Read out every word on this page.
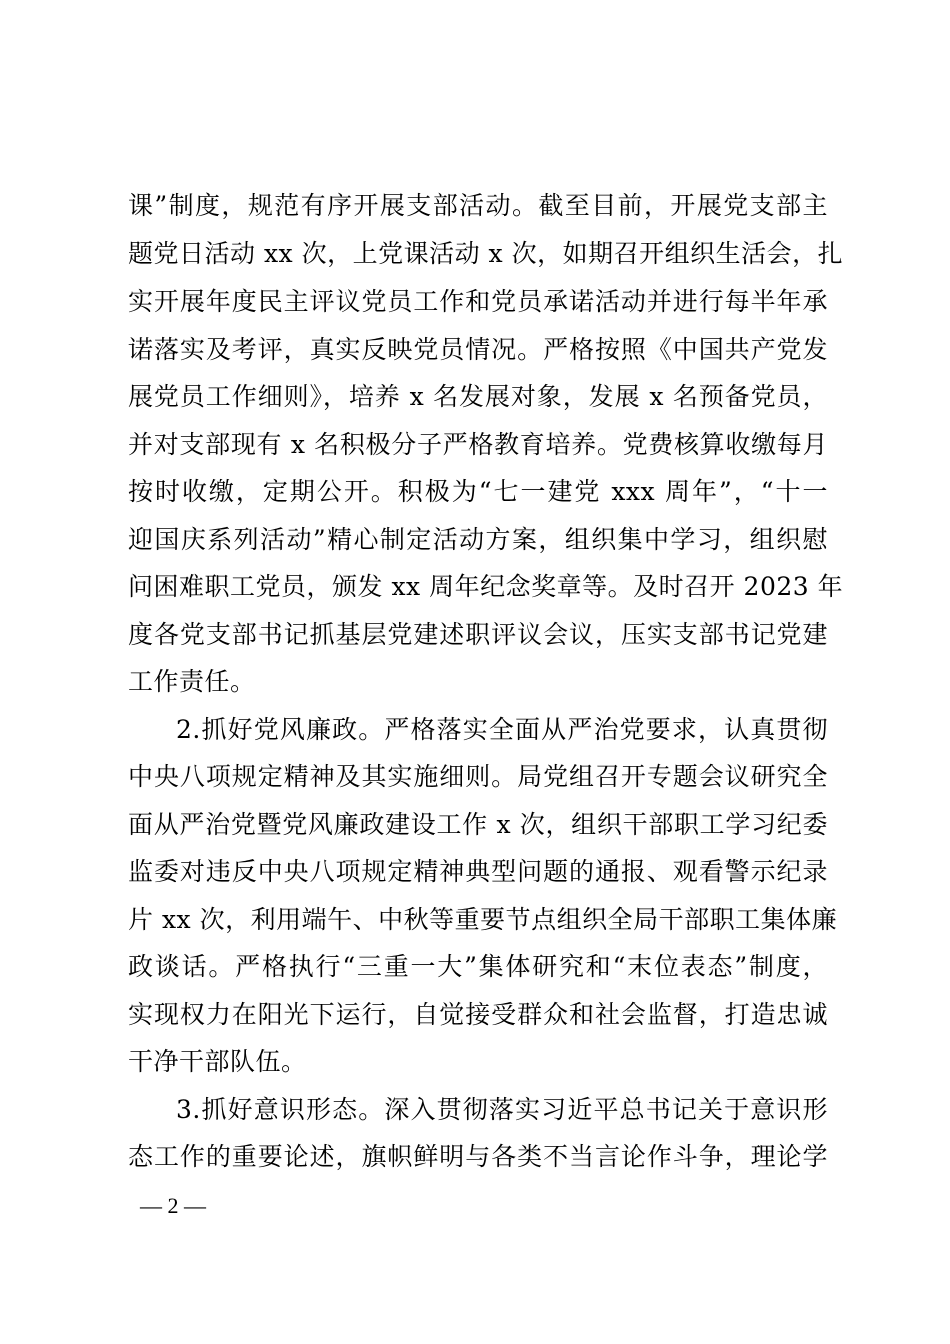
课”制度，规范有序开展支部活动。截至目前，开展党支部主
题党日活动 xx 次，上党课活动 x 次，如期召开组织生活会，扎
实开展年度民主评议党员工作和党员承诺活动并进行每半年承
诺落实及考评，真实反映党员情况。严格按照《中国共产党发
展党员工作细则》，培养 x 名发展对象，发展 x 名预备党员，
并对支部现有 x 名积极分子严格教育培养。党费核算收缴每月
按时收缴，定期公开。积极为“七一建党 xxx 周年”，“十一
迎国庆系列活动”精心制定活动方案，组织集中学习，组织慰
问困难职工党员，颁发 xx 周年纪念奖章等。及时召开 2023 年
度各党支部书记抓基层党建述职评议会议，压实支部书记党建
工作责任。
2.抓好党风廉政。严格落实全面从严治党要求，认真贯彻
中央八项规定精神及其实施细则。局党组召开专题会议研究全
面从严治党暨党风廉政建设工作 x 次，组织干部职工学习纪委
监委对违反中央八项规定精神典型问题的通报、观看警示纪录
片 xx 次，利用端午、中秋等重要节点组织全局干部职工集体廉
政谈话。严格执行“三重一大”集体研究和“末位表态”制度，
实现权力在阳光下运行，自觉接受群众和社会监督，打造忠诚
干净干部队伍。
3.抓好意识形态。深入贯彻落实习近平总书记关于意识形
态工作的重要论述，旗帜鲜明与各类不当言论作斗争，理论学
— 2 —
